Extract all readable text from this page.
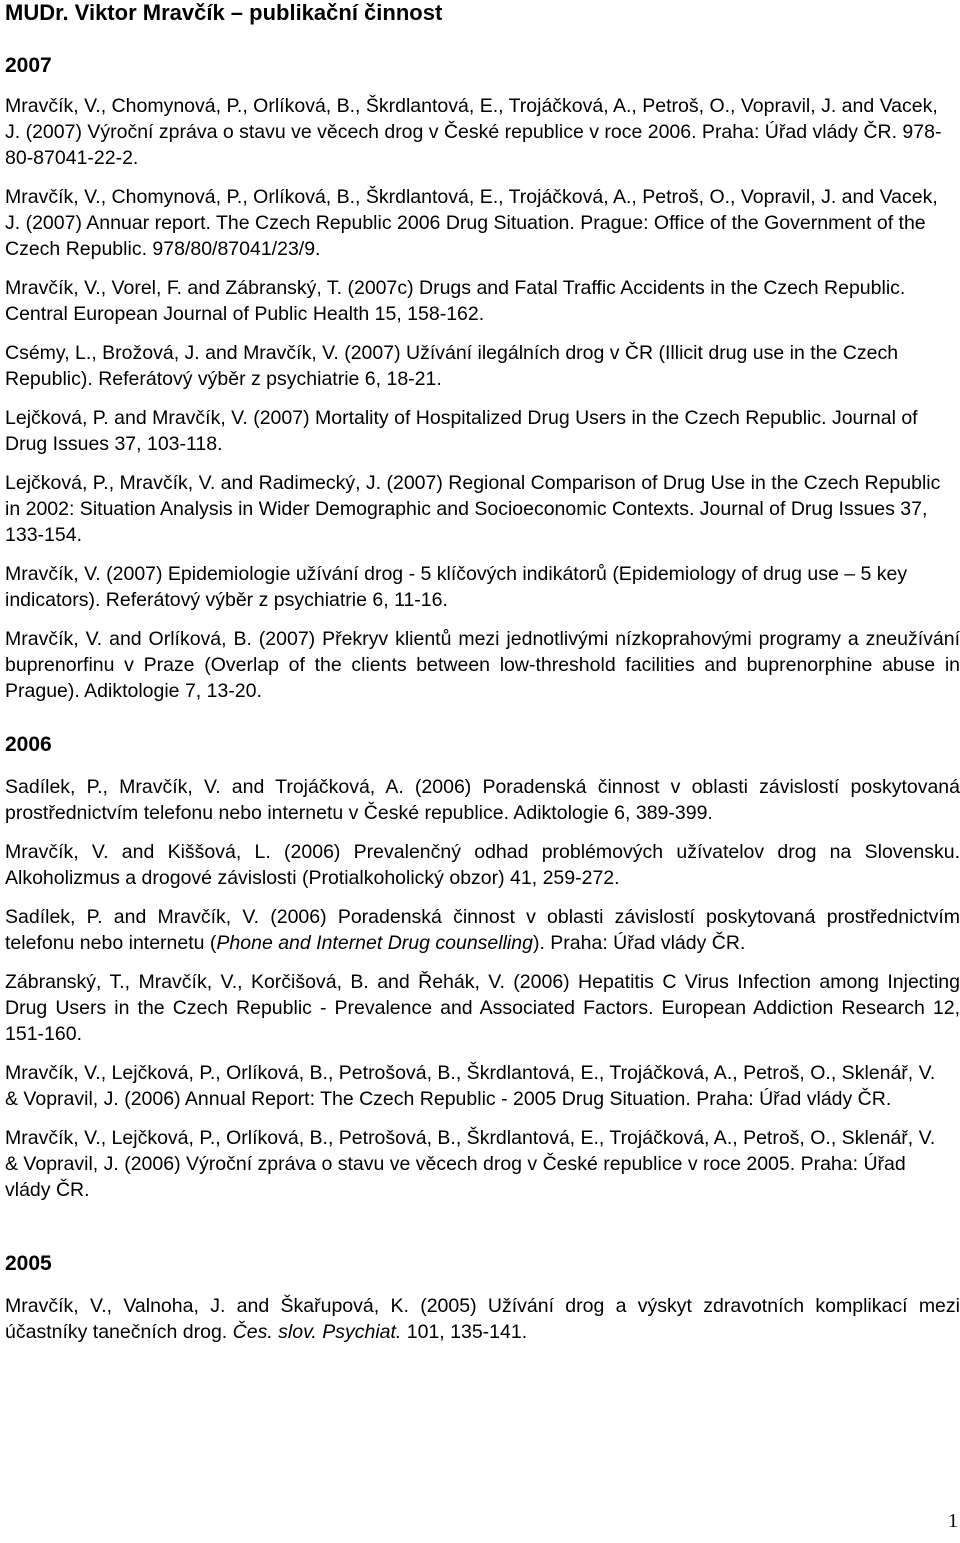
MUDr. Viktor Mravčík – publikační činnost
2007

Mravčík, V., Chomynová, P., Orlíková, B., Škrdlantová, E., Trojáčková, A., Petroš, O., Vopravil, J. and Vacek, J. (2007) Výroční zpráva o stavu ve věcech drog v České republice v roce 2006. Praha: Úřad vlády ČR. 978-80-87041-22-2.

Mravčík, V., Chomynová, P., Orlíková, B., Škrdlantová, E., Trojáčková, A., Petroš, O., Vopravil, J. and Vacek, J. (2007) Annuar report. The Czech Republic 2006 Drug Situation. Prague: Office of the Government of the Czech Republic. 978/80/87041/23/9.

Mravčík, V., Vorel, F. and Zábranský, T. (2007c) Drugs and Fatal Traffic Accidents in the Czech Republic. Central European Journal of Public Health 15, 158-162.

Csémy, L., Brožová, J. and Mravčík, V. (2007) Užívání ilegálních drog v ČR (Illicit drug use in the Czech Republic). Referátový výběr z psychiatrie 6, 18-21.

Lejčková, P. and Mravčík, V. (2007) Mortality of Hospitalized Drug Users in the Czech Republic. Journal of Drug Issues 37, 103-118.

Lejčková, P., Mravčík, V. and Radimecký, J. (2007) Regional Comparison of Drug Use in the Czech Republic in 2002: Situation Analysis in Wider Demographic and Socioeconomic Contexts. Journal of Drug Issues 37, 133-154.

Mravčík, V. (2007) Epidemiologie užívání drog - 5 klíčových indikátorů (Epidemiology of drug use – 5 key indicators). Referátový výběr z psychiatrie 6, 11-16.

Mravčík, V. and Orlíková, B. (2007) Překryv klientů mezi jednotlivými nízkoprahovými programy a zneužívání buprenorfinu v Praze (Overlap of the clients between low-threshold facilities and buprenorphine abuse in Prague). Adiktologie 7, 13-20.

2006

Sadílek, P., Mravčík, V. and Trojáčková, A. (2006) Poradenská činnost v oblasti závislostí poskytovaná prostřednictvím telefonu nebo internetu v České republice. Adiktologie 6, 389-399.

Mravčík, V. and Kiššová, L. (2006) Prevalenčný odhad problémových užívatelov drog na Slovensku. Alkoholizmus a drogové závislosti (Protialkoholický obzor) 41, 259-272.

Sadílek, P. and Mravčík, V. (2006) Poradenská činnost v oblasti závislostí poskytovaná prostřednictvím telefonu nebo internetu (Phone and Internet Drug counselling). Praha: Úřad vlády ČR.

Zábranský, T., Mravčík, V., Korčišová, B. and Řehák, V. (2006) Hepatitis C Virus Infection among Injecting Drug Users in the Czech Republic - Prevalence and Associated Factors. European Addiction Research 12, 151-160.

Mravčík, V., Lejčková, P., Orlíková, B., Petrošová, B., Škrdlantová, E., Trojáčková, A., Petroš, O., Sklenář, V. & Vopravil, J. (2006) Annual Report: The Czech Republic - 2005 Drug Situation. Praha: Úřad vlády ČR.

Mravčík, V., Lejčková, P., Orlíková, B., Petrošová, B., Škrdlantová, E., Trojáčková, A., Petroš, O., Sklenář, V. & Vopravil, J. (2006) Výroční zpráva o stavu ve věcech drog v České republice v roce 2005. Praha: Úřad vlády ČR.

2005

Mravčík, V., Valnoha, J. and Škařupová, K. (2005) Užívání drog a výskyt zdravotních komplikací mezi účastníky tanečních drog. Čes. slov. Psychiat. 101, 135-141.

1
